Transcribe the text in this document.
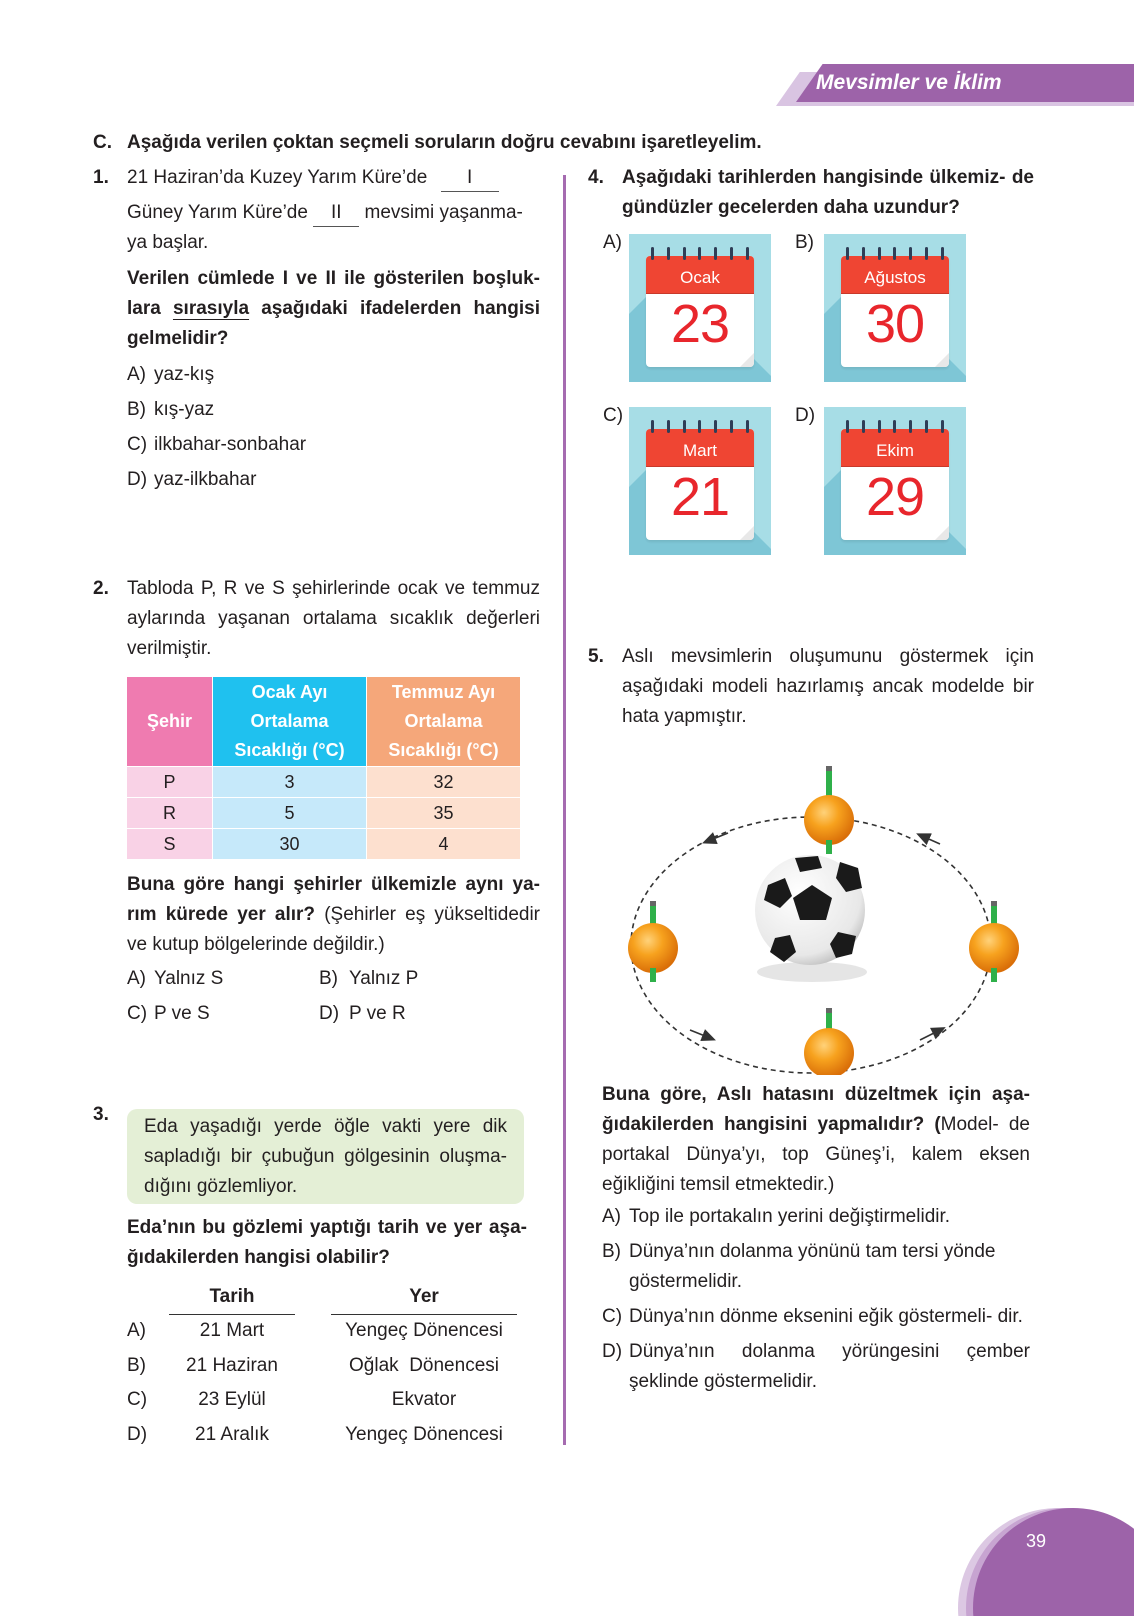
Mevsimler ve İklim
C. Aşağıda verilen çoktan seçmeli soruların doğru cevabını işaretleyelim.
1. 21 Haziran’da Kuzey Yarım Küre’de I
Güney Yarım Küre’de II mevsimi yaşanma-
ya başlar.
Verilen cümlede I ve II ile gösterilen boşluk- lara sırasıyla aşağıdaki ifadelerden hangisi gelmelidir?
A) yaz-kış
B) kış-yaz
C) ilkbahar-sonbahar
D) yaz-ilkbahar
2. Tabloda P, R ve S şehirlerinde ocak ve temmuz aylarında yaşanan ortalama sıcaklık değerleri verilmiştir.
Şehir	Ocak Ayı Ortalama Sıcaklığı (°C)	Temmuz Ayı Ortalama Sıcaklığı (°C)
P	3	32
R	5	35
S	30	4
Buna göre hangi şehirler ülkemizle aynı ya- rım kürede yer alır? (Şehirler eş yükseltidedir ve kutup bölgelerinde değildir.)
A) Yalnız S	B) Yalnız P
C) P ve S	D) P ve R
3.
Eda yaşadığı yerde öğle vakti yere dik sapladığı bir çubuğun gölgesinin oluşma- dığını gözlemliyor.
Eda’nın bu gözlemi yaptığı tarih ve yer aşa- ğıdakilerden hangisi olabilir?
Tarih	Yer
A)	21 Mart	Yengeç Dönencesi
B)	21 Haziran	Oğlak  Dönencesi
C)	23 Eylül	Ekvator
D)	21 Aralık	Yengeç Dönencesi
4. Aşağıdaki tarihlerden hangisinde ülkemiz- de gündüzler gecelerden daha uzundur?
A)
Ocak
23
B)
Ağustos
30
C)
Mart
21
D)
Ekim
29
5. Aslı mevsimlerin oluşumunu göstermek için aşağıdaki modeli hazırlamış ancak modelde bir hata yapmıştır.
Buna göre, Aslı hatasını düzeltmek için aşa- ğıdakilerden hangisini yapmalıdır? (Model- de portakal Dünya’yı, top Güneş’i, kalem eksen eğikliğini temsil etmektedir.)
A) Top ile portakalın yerini değiştirmelidir.
B) Dünya’nın dolanma yönünü tam tersi yönde göstermelidir.
C) Dünya’nın dönme eksenini eğik göstermeli- dir.
D) Dünya’nın dolanma yörüngesini çember şeklinde göstermelidir.
39
